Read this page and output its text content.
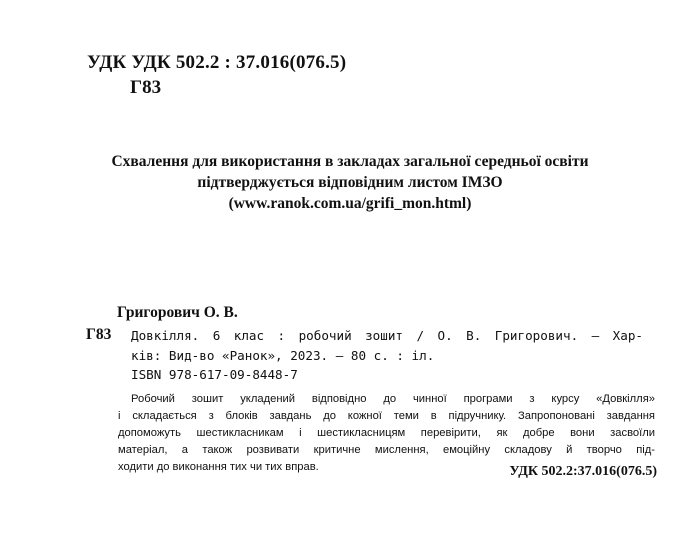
УДК УДК 502.2 : 37.016(076.5)
Г83
Схвалення для використання в закладах загальної середньої освіти
підтверджується відповідним листом ІМЗО
(www.ranok.com.ua/grifi_mon.html)
Григорович О. В.
Г83 Довкілля. 6 клас : робочий зошит / О. В. Григорович. — Хар-
ків: Вид-во «Ранок», 2023. — 80 с. : іл.
ISBN 978-617-09-8448-7
Робочий зошит укладений відповідно до чинної програми з курсу «Довкілля»
і складається з блоків завдань до кожної теми в підручнику. Запропоновані завдання
допоможуть шестикласникам і шестикласницям перевірити, як добре вони засвоїли
матеріал, а також розвивати критичне мислення, емоційну складову й творчо під-
ходити до виконання тих чи тих вправ.	УДК 502.2:37.016(076.5)
